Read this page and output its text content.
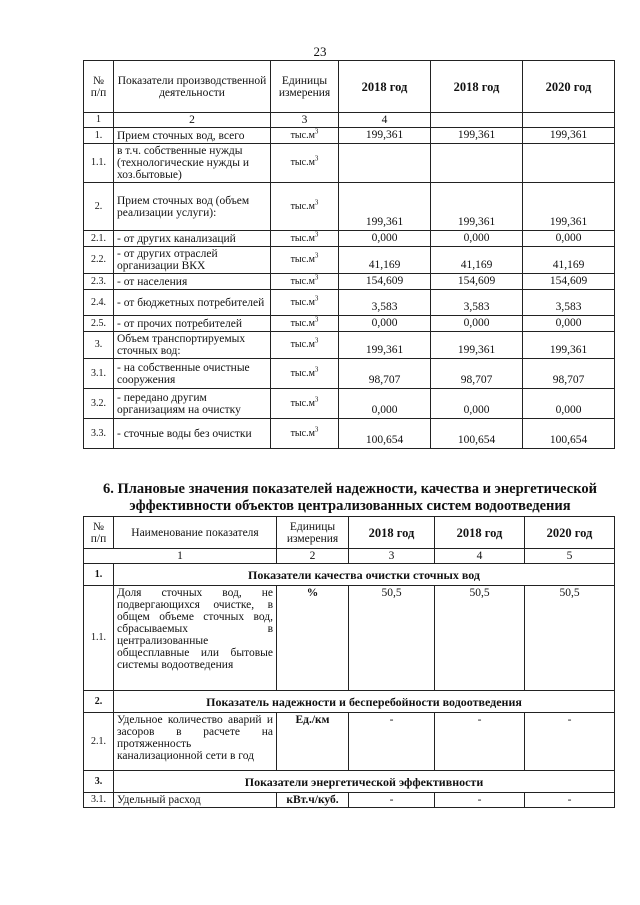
23
№ п/п	Показатели производственной деятельности	Единицы измерения	2018 год	2018 год	2020 год
1	2	3	4		
1.	Прием сточных вод, всего	$тыс.м^3$	199,361	199,361	199,361
1.1.	в т.ч. собственные нужды (технологические нужды и хоз.бытовые)	$тыс.м^3$			
2.	Прием сточных вод (объем реализации услуги):	$тыс.м^3$	199,361	199,361	199,361
2.1.	- от других канализаций	$тыс.м^3$	0,000	0,000	0,000
2.2.	- от других отраслей организации ВКХ	$тыс.м^3$	41,169	41,169	41,169
2.3.	- от населения	$тыс.м^3$	154,609	154,609	154,609
2.4.	- от бюджетных потребителей	$тыс.м^3$	3,583	3,583	3,583
2.5.	- от прочих потребителей	$тыс.м^3$	0,000	0,000	0,000
3.	Объем транспортируемых сточных вод:	$тыс.м^3$	199,361	199,361	199,361
3.1.	- на собственные очистные сооружения	$тыс.м^3$	98,707	98,707	98,707
3.2.	- передано другим организациям на очистку	$тыс.м^3$	0,000	0,000	0,000
3.3.	- сточные воды без очистки	$тыс.м^3$	100,654	100,654	100,654
6. Плановые значения показателей надежности, качества и энергетической
эффективности объектов централизованных систем водоотведения
№ п/п	Наименование показателя	Единицы измерения	2018 год	2018 год	2020 год
1		2	3	4	5
1.	Показатели качества очистки сточных вод				
1.1.	Доля сточных вод, не подвергающихся очистке, в общем объеме сточных вод, сбрасываемых в централизованные общесплавные или бытовые системы водоотведения	%	50,5	50,5	50,5
2.	Показатель надежности и бесперебойности водоотведения				
2.1.	Удельное количество аварий и засоров в расчете на протяженность канализационной сети в год	Ед./км	-	-	-
3.	Показатели энергетической эффективности				
3.1.	Удельный расход	кВт.ч/куб.	-	-	-
